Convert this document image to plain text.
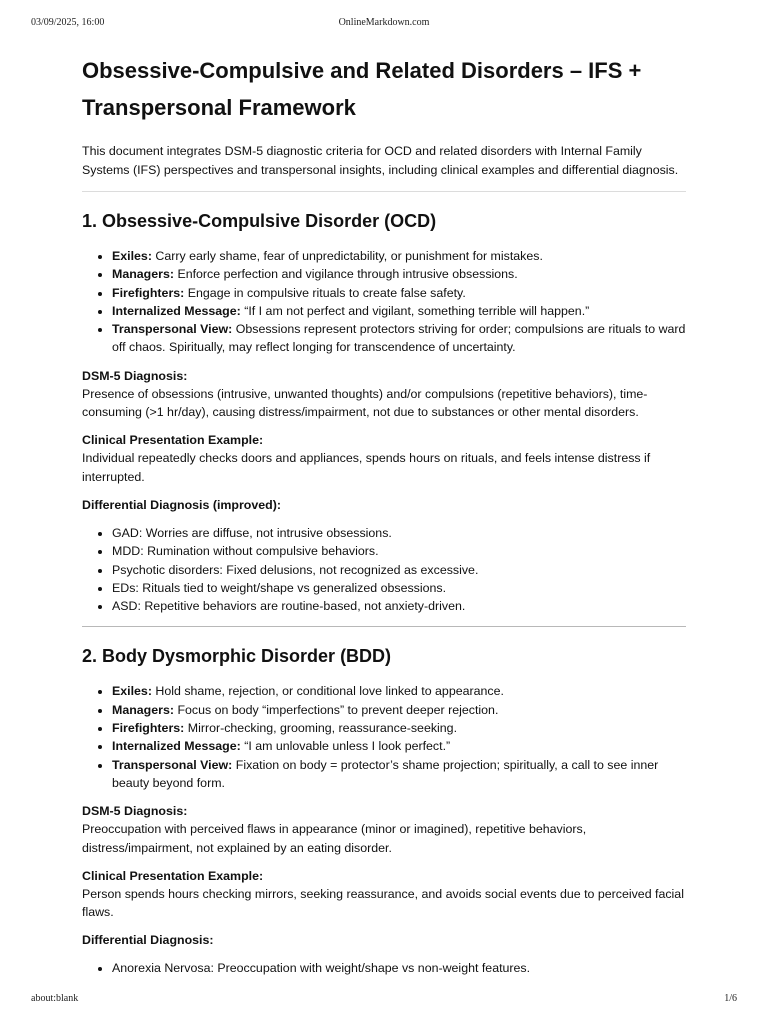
03/09/2025, 16:00	OnlineMarkdown.com
Obsessive-Compulsive and Related Disorders – IFS + Transpersonal Framework

This document integrates DSM-5 diagnostic criteria for OCD and related disorders with Internal Family Systems (IFS) perspectives and transpersonal insights, including clinical examples and differential diagnosis.

1. Obsessive-Compulsive Disorder (OCD)
• Exiles: Carry early shame, fear of unpredictability, or punishment for mistakes.
• Managers: Enforce perfection and vigilance through intrusive obsessions.
• Firefighters: Engage in compulsive rituals to create false safety.
• Internalized Message: “If I am not perfect and vigilant, something terrible will happen.”
• Transpersonal View: Obsessions represent protectors striving for order; compulsions are rituals to ward off chaos. Spiritually, may reflect longing for transcendence of uncertainty.
DSM-5 Diagnosis:
Presence of obsessions (intrusive, unwanted thoughts) and/or compulsions (repetitive behaviors), time-consuming (>1 hr/day), causing distress/impairment, not due to substances or other mental disorders.
Clinical Presentation Example:
Individual repeatedly checks doors and appliances, spends hours on rituals, and feels intense distress if interrupted.
Differential Diagnosis (improved):
• GAD: Worries are diffuse, not intrusive obsessions.
• MDD: Rumination without compulsive behaviors.
• Psychotic disorders: Fixed delusions, not recognized as excessive.
• EDs: Rituals tied to weight/shape vs generalized obsessions.
• ASD: Repetitive behaviors are routine-based, not anxiety-driven.
2. Body Dysmorphic Disorder (BDD)
• Exiles: Hold shame, rejection, or conditional love linked to appearance.
• Managers: Focus on body “imperfections” to prevent deeper rejection.
• Firefighters: Mirror-checking, grooming, reassurance-seeking.
• Internalized Message: “I am unlovable unless I look perfect.”
• Transpersonal View: Fixation on body = protector’s shame projection; spiritually, a call to see inner beauty beyond form.
DSM-5 Diagnosis:
Preoccupation with perceived flaws in appearance (minor or imagined), repetitive behaviors, distress/impairment, not explained by an eating disorder.
Clinical Presentation Example:
Person spends hours checking mirrors, seeking reassurance, and avoids social events due to perceived facial flaws.
Differential Diagnosis:
• Anorexia Nervosa: Preoccupation with weight/shape vs non-weight features.
about:blank	1/6
